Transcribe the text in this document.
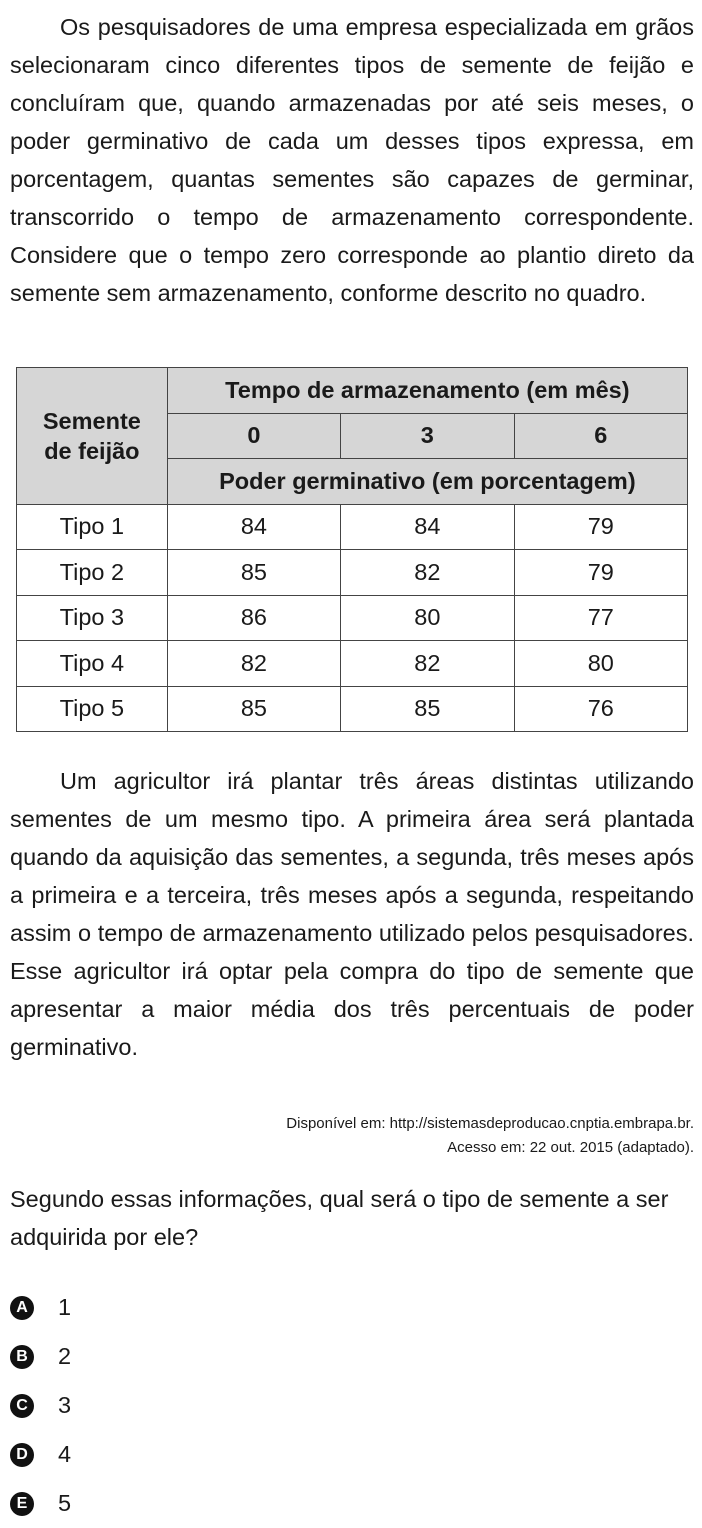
Os pesquisadores de uma empresa especializada em grãos selecionaram cinco diferentes tipos de semente de feijão e concluíram que, quando armazenadas por até seis meses, o poder germinativo de cada um desses tipos expressa, em porcentagem, quantas sementes são capazes de germinar, transcorrido o tempo de armazenamento correspondente. Considere que o tempo zero corresponde ao plantio direto da semente sem armazenamento, conforme descrito no quadro.

Semente
de feijão	Tempo de armazenamento (em mês)		
	0	3	6
	Poder germinativo (em porcentagem)		
Tipo 1	84	84	79
Tipo 2	85	82	79
Tipo 3	86	80	77
Tipo 4	82	82	80
Tipo 5	85	85	76

Um agricultor irá plantar três áreas distintas utilizando sementes de um mesmo tipo. A primeira área será plantada quando da aquisição das sementes, a segunda, três meses após a primeira e a terceira, três meses após a segunda, respeitando assim o tempo de armazenamento utilizado pelos pesquisadores. Esse agricultor irá optar pela compra do tipo de semente que apresentar a maior média dos três percentuais de poder germinativo.

Disponível em: http://sistemasdeproducao.cnptia.embrapa.br.
Acesso em: 22 out. 2015 (adaptado).

Segundo essas informações, qual será o tipo de semente a ser adquirida por ele?

A 1
B 2
C 3
D 4
E 5
